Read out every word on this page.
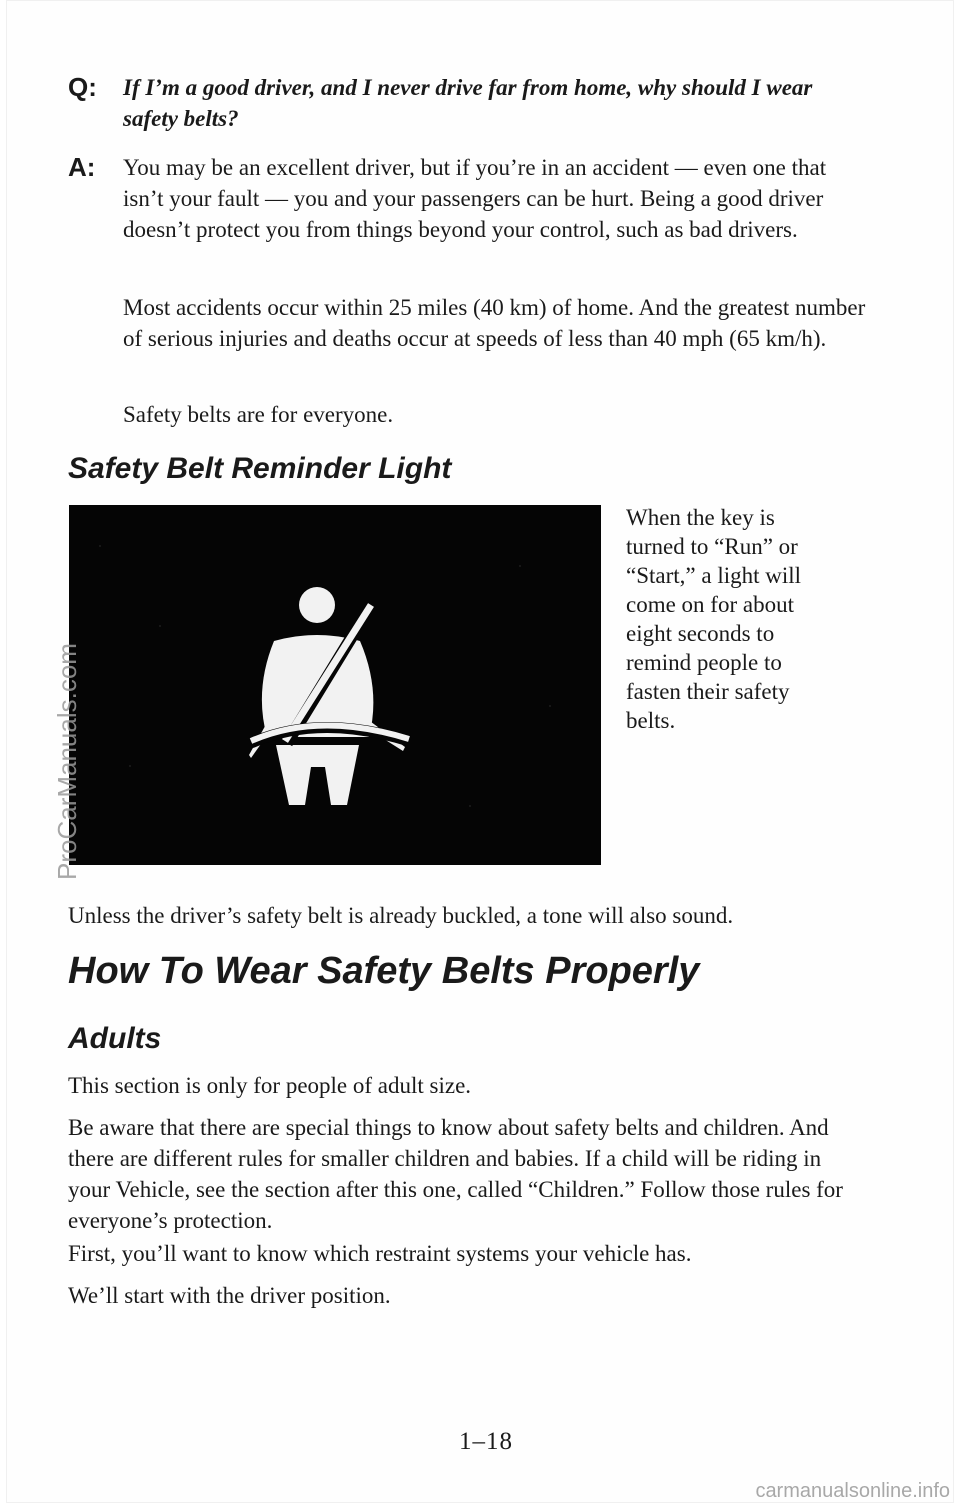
Q: If I’m a good driver, and I never drive far from home, why should I wear safety belts?
A: You may be an excellent driver, but if you’re in an accident — even one that isn’t your fault — you and your passengers can be hurt. Being a good driver doesn’t protect you from things beyond your control, such as bad drivers.

Most accidents occur within 25 miles (40 km) of home. And the greatest number of serious injuries and deaths occur at speeds of less than 40 mph (65 km/h).

Safety belts are for everyone.

Safety Belt Reminder Light

When the key is turned to “Run” or “Start,” a light will come on for about eight seconds to remind people to fasten their safety belts.

Unless the driver’s safety belt is already buckled, a tone will also sound.

How To Wear Safety Belts Properly
Adults

This section is only for people of adult size.

Be aware that there are special things to know about safety belts and children. And there are different rules for smaller children and babies. If a child will be riding in your Vehicle, see the section after this one, called “Children.” Follow those rules for everyone’s protection.

First, you’ll want to know which restraint systems your vehicle has.

We’ll start with the driver position.

1–18
ProCarManuals.com
carmanualsonline.info
